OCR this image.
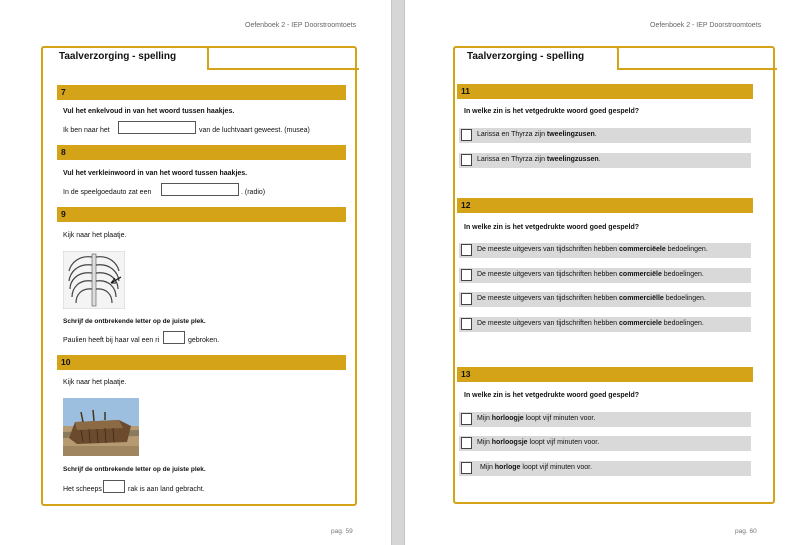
Oefenboek 2 - IEP Doorstroomtoets
Taalverzorging - spelling
7
Vul het enkelvoud in van het woord tussen haakjes.
Ik ben naar het	van de luchtvaart geweest. (musea)
8
Vul het verkleinwoord in van het woord tussen haakjes.
In de speelgoedauto zat een	. (radio)
9
Kijk naar het plaatje.
Schrijf de ontbrekende letter op de juiste plek.
Paulien heeft bij haar val een ri	gebroken.
10
Kijk naar het plaatje.
Schrijf de ontbrekende letter op de juiste plek.
Het scheeps	rak is aan land gebracht.
pag. 59
Oefenboek 2 - IEP Doorstroomtoets
Taalverzorging - spelling
11
In welke zin is het vetgedrukte woord goed gespeld?
Larissa en Thyrza zijn tweelingzusen.
Larissa en Thyrza zijn tweelingzussen.
12
In welke zin is het vetgedrukte woord goed gespeld?
De meeste uitgevers van tijdschriften hebben commerciëele bedoelingen.
De meeste uitgevers van tijdschriften hebben commerciële bedoelingen.
De meeste uitgevers van tijdschriften hebben commerciëlle bedoelingen.
De meeste uitgevers van tijdschriften hebben commerciele bedoelingen.
13
In welke zin is het vetgedrukte woord goed gespeld?
Mijn horloogje loopt vijf minuten voor.
Mijn horloogsje loopt vijf minuten voor.
Mijn horloge loopt vijf minuten voor.
pag. 60
